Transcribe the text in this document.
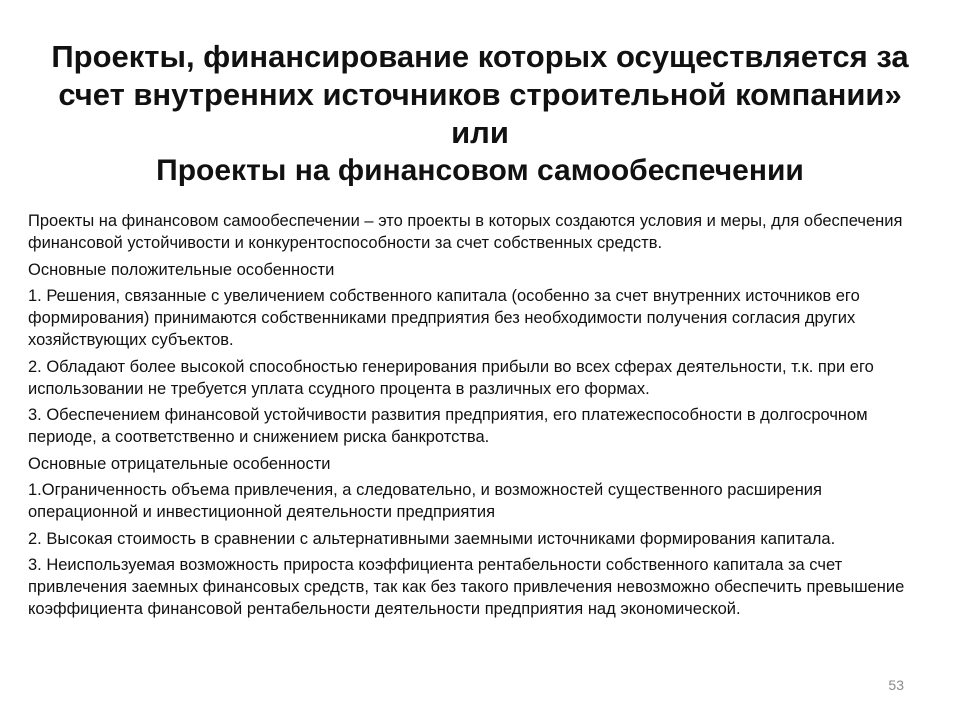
Проекты, финансирование которых осуществляется за счет внутренних источников строительной компании» или
Проекты на финансовом самообеспечении

Проекты на финансовом самообеспечении – это проекты в которых создаются условия и меры, для обеспечения финансовой устойчивости и конкурентоспособности за счет собственных средств.

Основные положительные особенности

1. Решения, связанные с увеличением собственного капитала (особенно за счет внутренних источников его формирования) принимаются собственниками предприятия без необходимости получения согласия других хозяйствующих субъектов.

2. Обладают более высокой способностью генерирования прибыли во всех сферах деятельности, т.к. при его использовании не требуется уплата ссудного процента в различных его формах.

3. Обеспечением финансовой устойчивости развития предприятия, его платежеспособности в долгосрочном периоде, а соответственно и снижением риска банкротства.

Основные отрицательные особенности

1.Ограниченность объема привлечения, а следовательно, и возможностей существенного расширения операционной и инвестиционной деятельности предприятия

2. Высокая стоимость в сравнении с альтернативными заемными источниками формирования капитала.

3. Неиспользуемая возможность прироста коэффициента рентабельности собственного капитала за счет привлечения заемных финансовых средств, так как без такого привлечения невозможно обеспечить превышение коэффициента финансовой рентабельности деятельности предприятия над экономической.

53
